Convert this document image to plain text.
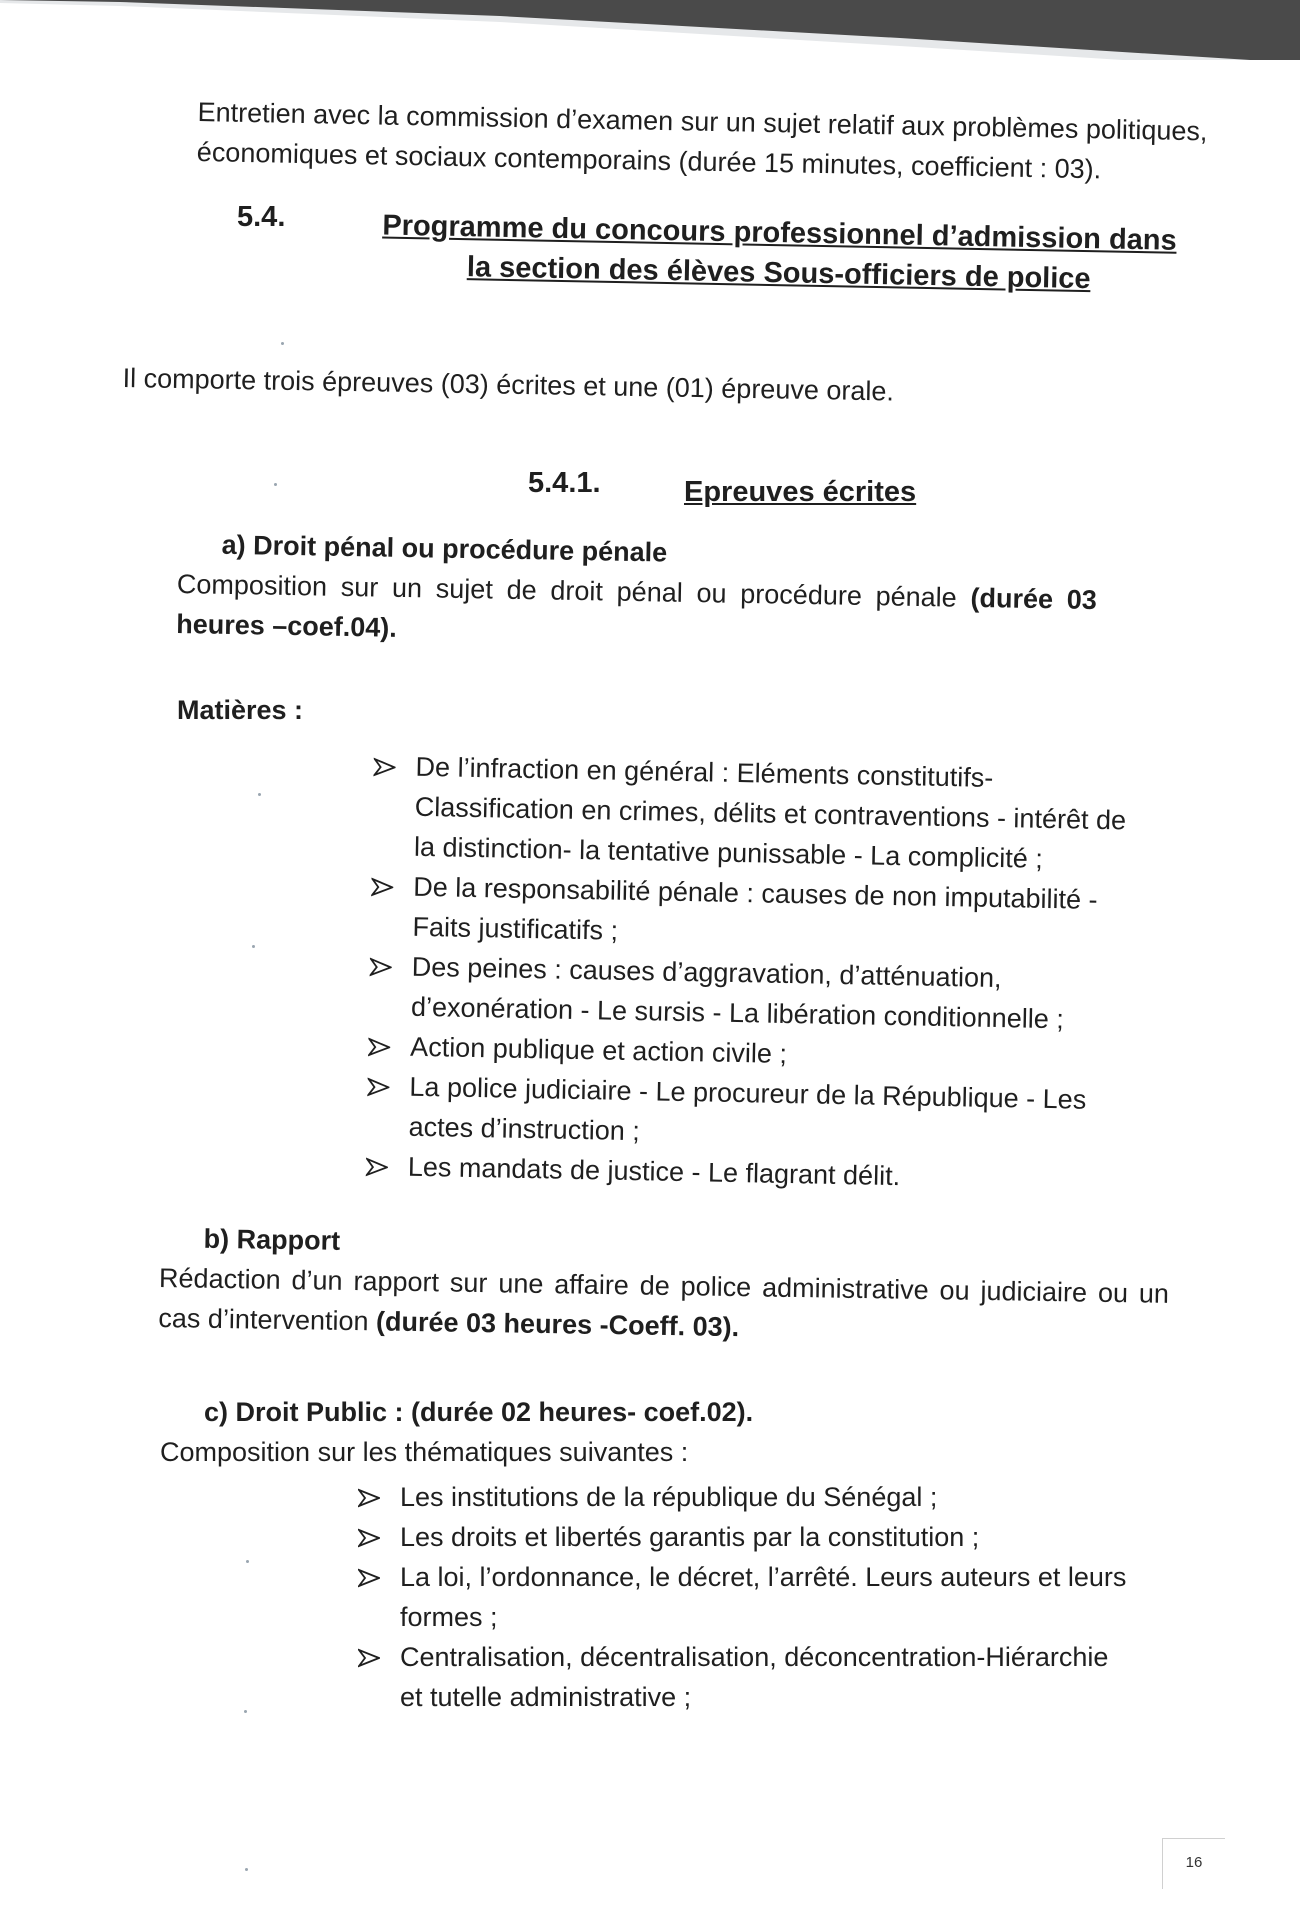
Entretien avec la commission d’examen sur un sujet relatif aux problèmes politiques, économiques et sociaux contemporains (durée 15 minutes, coefficient : 03).

5.4.	Programme du concours professionnel d’admission dans
la section des élèves Sous-officiers de police

Il comporte trois épreuves (03) écrites et une (01) épreuve orale.

5.4.1.	Epreuves écrites
a) Droit pénal ou procédure pénale

Composition sur un sujet de droit pénal ou procédure pénale (durée 03 heures –coef.04).

Matières :
De l’infraction en général : Eléments constitutifs-Classification en crimes, délits et contraventions - intérêt de la distinction- la tentative punissable - La complicité ;
De la responsabilité pénale : causes de non imputabilité - Faits justificatifs ;
Des peines : causes d’aggravation, d’atténuation, d’exonération - Le sursis - La libération conditionnelle ;
Action publique et action civile ;
La police judiciaire - Le procureur de la République - Les actes d’instruction ;
Les mandats de justice - Le flagrant délit.
b) Rapport

Rédaction d’un rapport sur une affaire de police administrative ou judiciaire ou un cas d’intervention (durée 03 heures -Coeff. 03).

c) Droit Public : (durée 02 heures- coef.02).
Composition sur les thématiques suivantes :
Les institutions de la république du Sénégal ;
Les droits et libertés garantis par la constitution ;
La loi, l’ordonnance, le décret, l’arrêté. Leurs auteurs et leurs formes ;
Centralisation, décentralisation, déconcentration-Hiérarchie et tutelle administrative ;
16
